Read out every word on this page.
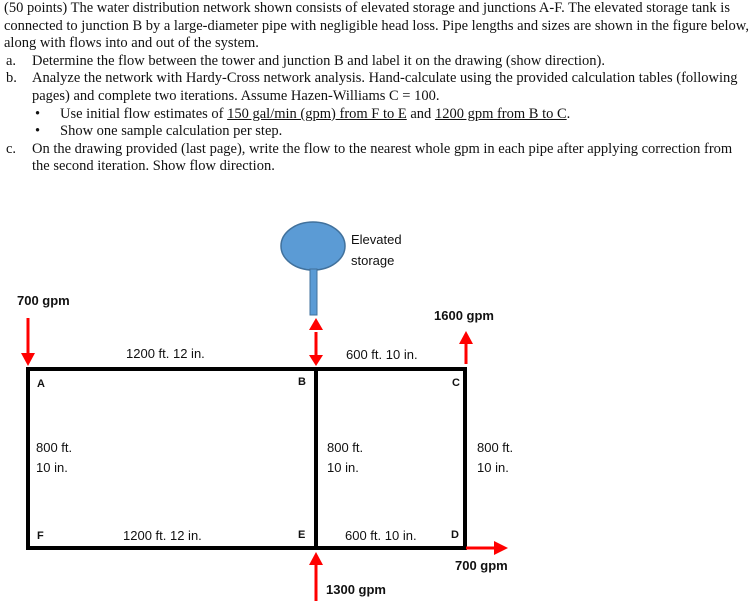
(50 points) The water distribution network shown consists of elevated storage and junctions A-F. The elevated storage tank is connected to junction B by a large-diameter pipe with negligible head loss. Pipe lengths and sizes are shown in the figure below, along with flows into and out of the system.

a. Determine the flow between the tower and junction B and label it on the drawing (show direction).

b. Analyze the network with Hardy-Cross network analysis. Hand-calculate using the provided calculation tables (following pages) and complete two iterations. Assume Hazen-Williams C = 100.

• Use initial flow estimates of 150 gal/min (gpm) from F to E and 1200 gpm from B to C.

• Show one sample calculation per step.

c. On the drawing provided (last page), write the flow to the nearest whole gpm in each pipe after applying correction from the second iteration. Show flow direction.

Elevated
storage
A	B	C
F	E	D
1200 ft. 12 in.	600 ft. 10 in.
1200 ft. 12 in.	600 ft. 10 in.
800 ft.
10 in.
800 ft.
10 in.
800 ft.
10 in.
700 gpm
1600 gpm
700 gpm
1300 gpm
